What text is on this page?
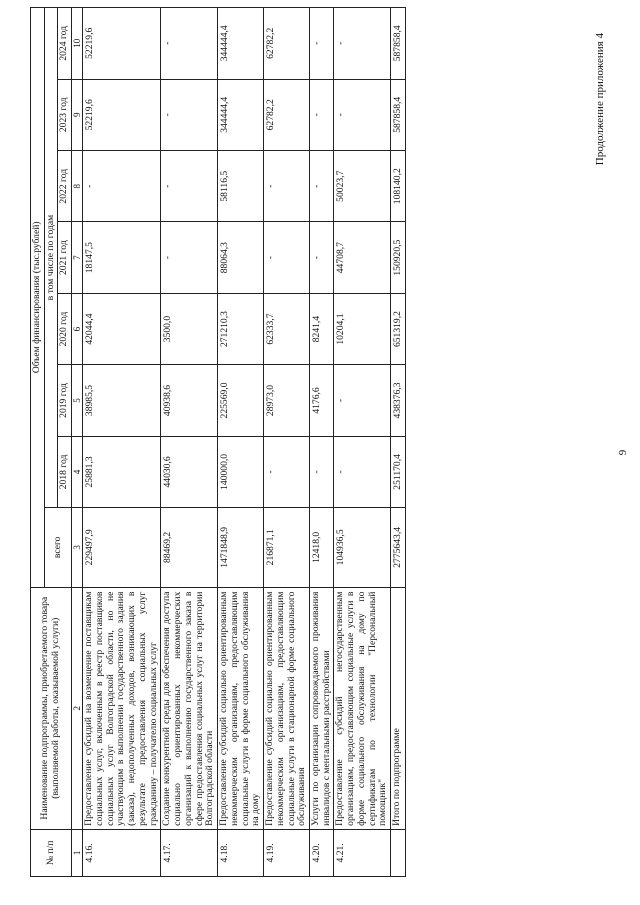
9
Продолжение приложения 4
№ п/п	Наименование подпрограммы, приобретаемого товара (выполняемой работы, оказываемой услуги)	Объем финансирования (тыс.рублей)							
		всего	в том числе по годам						
			2018 год	2019 год	2020 год	2021 год	2022 год	2023 год	2024 год
1	2	3	4	5	6	7	8	9	10
4.16.	Предоставление субсидий на возмещение поставщикам социальных услуг, включенным в реестр поставщиков социальных услуг Волгоградской области, но не участвующим в выполнении государственного задания (заказа), недополученных доходов, возникающих в результате предоставления социальных услуг гражданину – получателю социальных услуг	229497,9	25881,3	38985,5	42044,4	18147,5	-	52219,6	52219,6
4.17.	Создание конкурентной среды для обеспечения доступа социально ориентированных некоммерческих организаций к выполнению государственного заказа в сфере предоставления социальных услуг на территории Волгоградской области	88469,2	44030,6	40938,6	3500,0	-	-	-	-
4.18.	Предоставление субсидий социально ориентированным некоммерческим организациям, предоставляющим социальные услуги в форме социального обслуживания на дому	1471848,9	140000,0	225569,0	271210,3	88064,3	58116,5	344444,4	344444,4
4.19.	Предоставление субсидий социально ориентированным некоммерческим организациям, предоставляющим социальные услуги в стационарной форме социального обслуживания	216871,1	-	28973,0	62333,7	-	-	62782,2	62782,2
4.20.	Услуги по организации сопровождаемого проживания инвалидов с ментальными расстройствами	12418,0	-	4176,6	8241,4	-	-	-	-
4.21.	Предоставление субсидий негосударственным организациям, предоставляющим социальные услуги в форме социального обслуживания на дому по сертификатам по технологии "Персональный помощник"	104936,5	-	-	10204,1	44708,7	50023,7	-	-
	Итого по подпрограмме	2775643,4	251170,4	438376,3	651319,2	150920,5	108140,2	587858,4	587858,4
